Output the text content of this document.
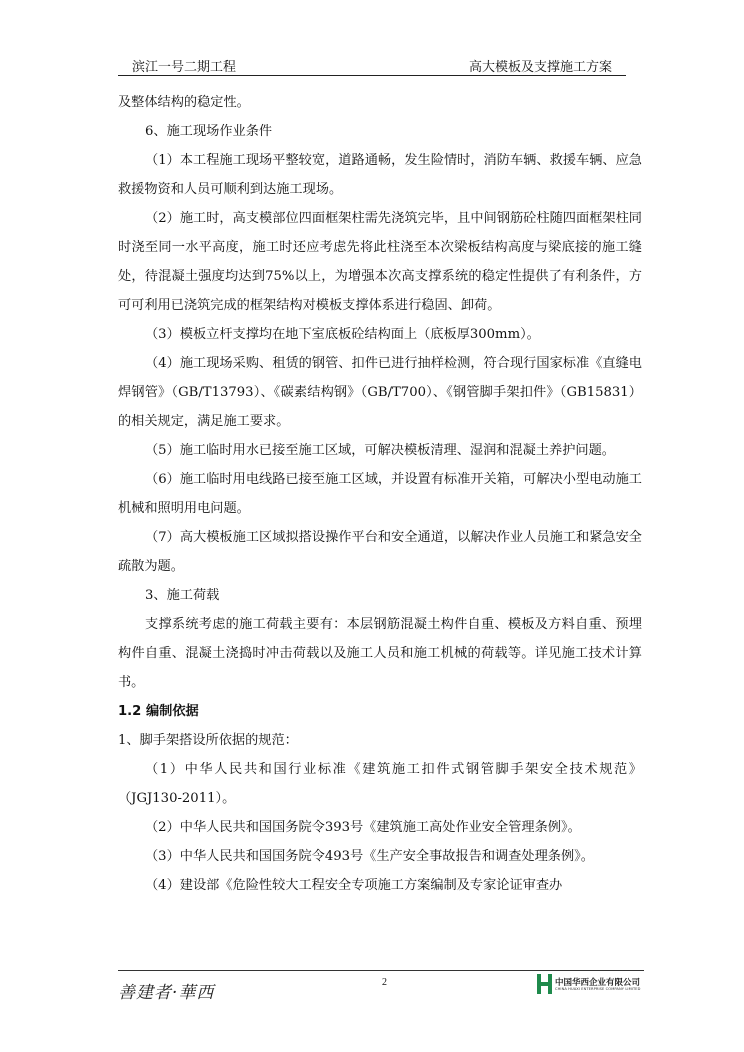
滨江一号二期工程	高大模板及支撑施工方案

及整体结构的稳定性。

6、施工现场作业条件

（1）本工程施工现场平整较宽，道路通畅，发生险情时，消防车辆、救援车辆、应急救援物资和人员可顺利到达施工现场。

（2）施工时，高支模部位四面框架柱需先浇筑完毕，且中间钢筋砼柱随四面框架柱同时浇至同一水平高度，施工时还应考虑先将此柱浇至本次梁板结构高度与梁底接的施工缝处，待混凝土强度均达到75%以上，为增强本次高支撑系统的稳定性提供了有利条件，方可可利用已浇筑完成的框架结构对模板支撑体系进行稳固、卸荷。

（3）模板立杆支撑均在地下室底板砼结构面上（底板厚300mm）。

（4）施工现场采购、租赁的钢管、扣件已进行抽样检测，符合现行国家标准《直缝电焊钢管》（GB/T13793）、《碳素结构钢》（GB/T700）、《钢管脚手架扣件》（GB15831）的相关规定，满足施工要求。

（5）施工临时用水已接至施工区域，可解决模板清理、湿润和混凝土养护问题。

（6）施工临时用电线路已接至施工区域，并设置有标准开关箱，可解决小型电动施工机械和照明用电问题。

（7）高大模板施工区域拟搭设操作平台和安全通道，以解决作业人员施工和紧急安全疏散为题。

3、施工荷载

支撑系统考虑的施工荷载主要有：本层钢筋混凝土构件自重、模板及方料自重、预埋构件自重、混凝土浇捣时冲击荷载以及施工人员和施工机械的荷载等。详见施工技术计算书。

1.2 编制依据

1、脚手架搭设所依据的规范：

（1）中华人民共和国行业标准《建筑施工扣件式钢管脚手架安全技术规范》（JGJ130-2011）。

（2）中华人民共和国国务院令393号《建筑施工高处作业安全管理条例》。

（3）中华人民共和国国务院令493号《生产安全事故报告和调查处理条例》。

（4）建设部《危险性较大工程安全专项施工方案编制及专家论证审查办

善建者·華西
2	中国华西企业有限公司
CHINA HUAXI ENTERPRISE COMPANY LIMITED
